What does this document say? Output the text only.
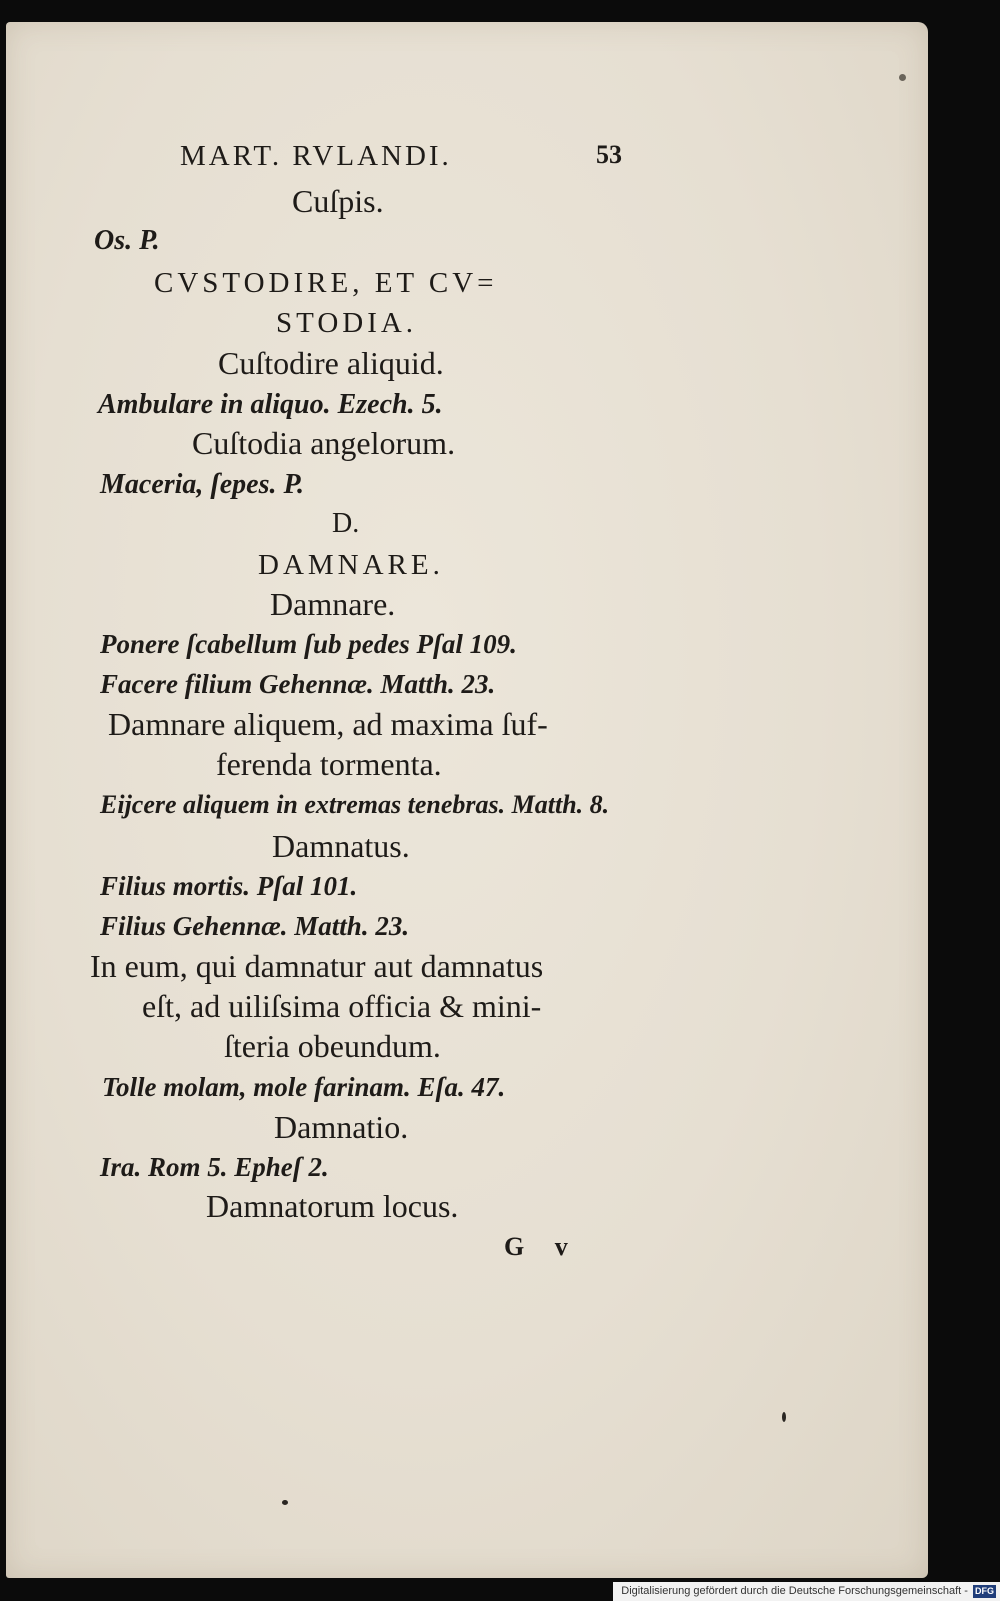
MART. RVLANDI.	53
Cuſpis.
Os. P.
CVSTODIRE, ET CV=
STODIA.
Cuſtodire aliquid.
Ambulare in aliquo. Ezech. 5.
Cuſtodia angelorum.
Maceria, ſepes. P.
D.
DAMNARE.
Damnare.
Ponere ſcabellum ſub pedes Pſal 109.
Facere filium Gehennæ. Matth. 23.
Damnare aliquem, ad maxima ſuf-
ferenda tormenta.
Eijcere aliquem in extremas tenebras. Matth. 8.
Damnatus.
Filius mortis. Pſal 101.
Filius Gehennæ. Matth. 23.
In eum, qui damnatur aut damnatus
eſt, ad uiliſsima officia & mini-
ſteria obeundum.
Tolle molam, mole farinam. Eſa. 47.
Damnatio.
Ira. Rom 5. Epheſ 2.
Damnatorum locus.
G v
Digitalisierung gefördert durch die Deutsche Forschungsgemeinschaft - DFG
